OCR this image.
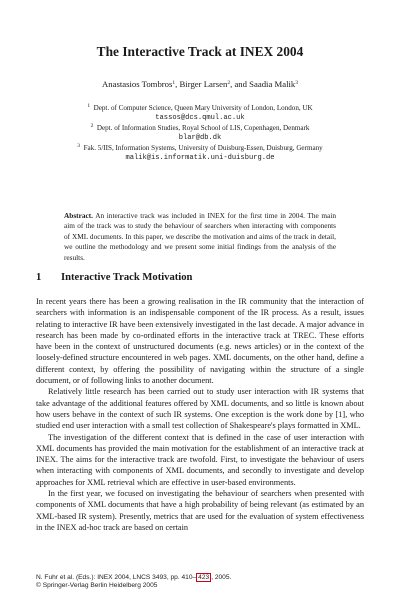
The Interactive Track at INEX 2004
Anastasios Tombros$^1$, Birger Larsen$^2$, and Saadia Malik$^3$
$^1$ Dept. of Computer Science, Queen Mary University of London, London, UK
tassos@dcs.qmul.ac.uk
$^2$ Dept. of Information Studies, Royal School of LIS, Copenhagen, Denmark
blar@db.dk
$^3$ Fak. 5/IIS, Information Systems, University of Duisburg-Essen, Duisburg, Germany
malik@is.informatik.uni-duisburg.de
Abstract. An interactive track was included in INEX for the first time in 2004. The main aim of the track was to study the behaviour of searchers when interacting with components of XML documents. In this paper, we describe the motivation and aims of the track in detail, we outline the methodology and we present some initial findings from the analysis of the results.
1 Interactive Track Motivation

In recent years there has been a growing realisation in the IR community that the interaction of searchers with information is an indispensable component of the IR process. As a result, issues relating to interactive IR have been extensively investigated in the last decade. A major advance in research has been made by co-ordinated efforts in the interactive track at TREC. These efforts have been in the context of unstructured documents (e.g. news articles) or in the context of the loosely-defined structure encountered in web pages. XML documents, on the other hand, define a different context, by offering the possibility of navigating within the structure of a single document, or of following links to another document.

Relatively little research has been carried out to study user interaction with IR systems that take advantage of the additional features offered by XML documents, and so little is known about how users behave in the context of such IR systems. One exception is the work done by [1], who studied end user interaction with a small test collection of Shakespeare's plays formatted in XML.

The investigation of the different context that is defined in the case of user interaction with XML documents has provided the main motivation for the establishment of an interactive track at INEX. The aims for the interactive track are twofold. First, to investigate the behaviour of users when interacting with components of XML documents, and secondly to investigate and develop approaches for XML retrieval which are effective in user-based environments.

In the first year, we focused on investigating the behaviour of searchers when presented with components of XML documents that have a high probability of being relevant (as estimated by an XML-based IR system). Presently, metrics that are used for the evaluation of system effectiveness in the INEX ad-hoc track are based on certain

N. Fuhr et al. (Eds.): INEX 2004, LNCS 3493, pp. 410– 423 , 2005.
© Springer-Verlag Berlin Heidelberg 2005
